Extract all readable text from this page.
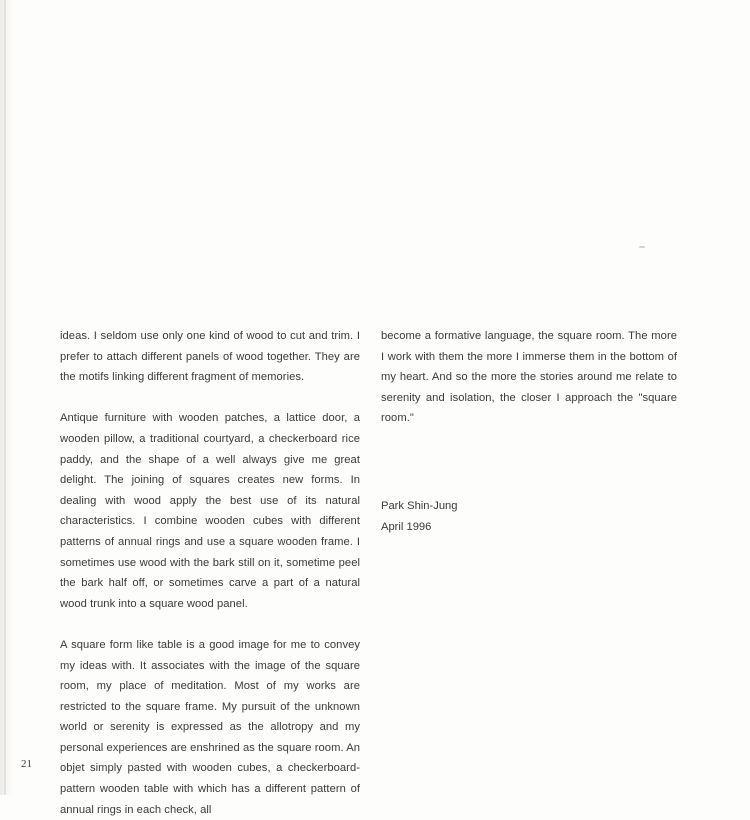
ideas. I seldom use only one kind of wood to cut and trim. I prefer to attach different panels of wood together. They are the motifs linking different fragment of memories.

Antique furniture with wooden patches, a lattice door, a wooden pillow, a traditional courtyard, a checkerboard rice paddy, and the shape of a well always give me great delight. The joining of squares creates new forms. In dealing with wood apply the best use of its natural characteristics. I combine wooden cubes with different patterns of annual rings and use a square wooden frame. I sometimes use wood with the bark still on it, sometime peel the bark half off, or sometimes carve a part of a natural wood trunk into a square wood panel.

A square form like table is a good image for me to convey my ideas with. It associates with the image of the square room, my place of meditation. Most of my works are restricted to the square frame. My pursuit of the unknown world or serenity is expressed as the allotropy and my personal experiences are enshrined as the square room. An objet simply pasted with wooden cubes, a checkerboard-pattern wooden table with which has a different pattern of annual rings in each check, all

become a formative language, the square room. The more I work with them the more I immerse them in the bottom of my heart. And so the more the stories around me relate to serenity and isolation, the closer I approach the "square room."

Park Shin-Jung
April 1996
21
